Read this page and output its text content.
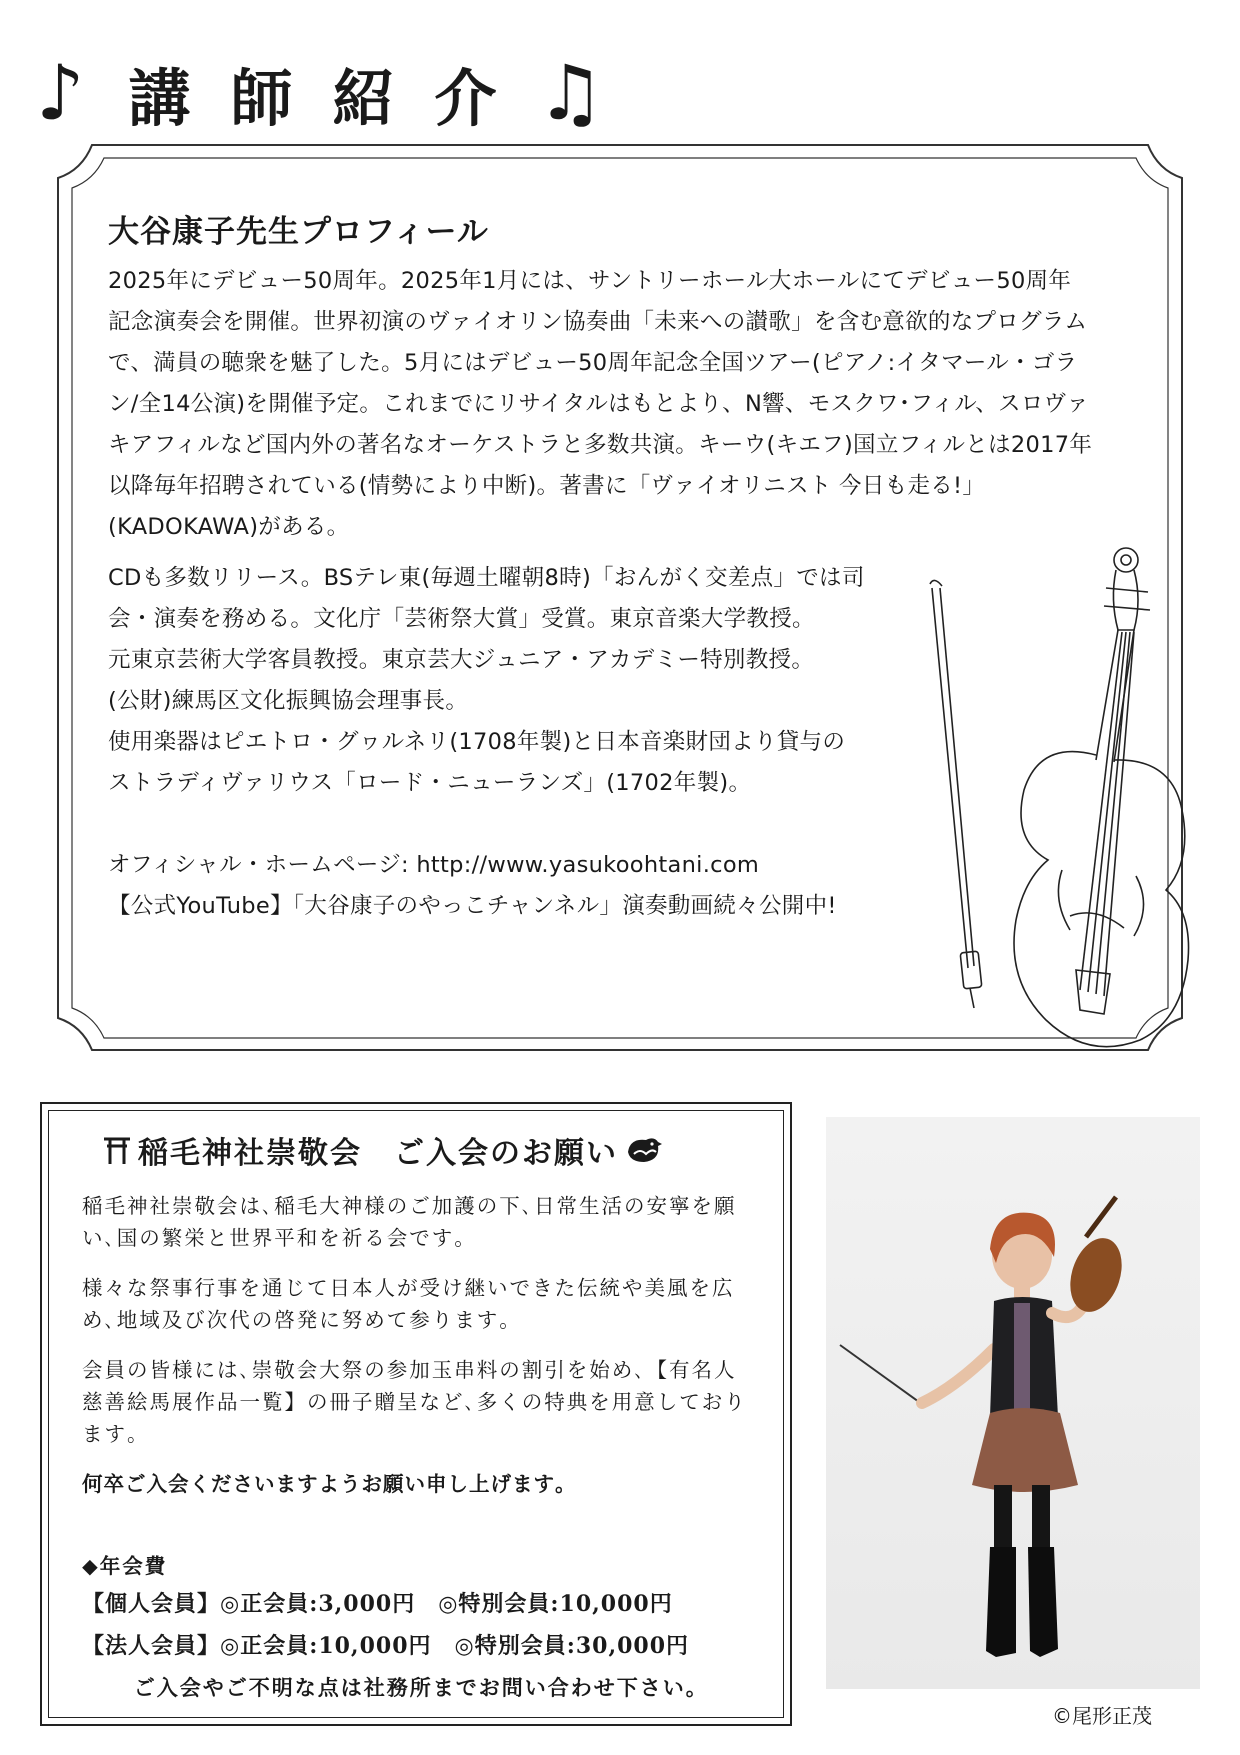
♪ 講師紹介 ♫
大谷康子先生プロフィール

2025年にデビュー50周年。2025年1月には、サントリーホール大ホールにてデビュー50周年記念演奏会を開催。世界初演のヴァイオリン協奏曲「未来への讃歌」を含む意欲的なプログラムで、満員の聴衆を魅了した。5月にはデビュー50周年記念全国ツアー(ピアノ:イタマール・ゴラン/全14公演)を開催予定。これまでにリサイタルはもとより、N響、モスクワ･フィル、スロヴァキアフィルなど国内外の著名なオーケストラと多数共演。キーウ(キエフ)国立フィルとは2017年以降毎年招聘されている(情勢により中断)。著書に「ヴァイオリニスト 今日も走る!」(KADOKAWA)がある。

CDも多数リリース。BSテレ東(毎週土曜朝8時)「おんがく交差点」では司
会・演奏を務める。文化庁「芸術祭大賞」受賞。東京音楽大学教授。
元東京芸術大学客員教授。東京芸大ジュニア・アカデミー特別教授。
(公財)練馬区文化振興協会理事長。
使用楽器はピエトロ・グヮルネリ(1708年製)と日本音楽財団より貸与の
ストラディヴァリウス「ロード・ニューランズ」(1702年製)。

オフィシャル・ホームページ: http://www.yasukoohtani.com

【公式YouTube】「大谷康子のやっこチャンネル」演奏動画続々公開中!

稲毛神社崇敬会　ご入会のお願い

稲毛神社崇敬会は､稲毛大神様のご加護の下､日常生活の安寧を願い､国の繁栄と世界平和を祈る会です｡

様々な祭事行事を通じて日本人が受け継いできた伝統や美風を広め､地域及び次代の啓発に努めて参ります｡

会員の皆様には､崇敬会大祭の参加玉串料の割引を始め､【有名人慈善絵馬展作品一覧】の冊子贈呈など､多くの特典を用意しております｡

何卒ご入会くださいますようお願い申し上げます｡

◆年会費

【個人会員】◎正会員:3,000円　◎特別会員:10,000円

【法人会員】◎正会員:10,000円　◎特別会員:30,000円

ご入会やご不明な点は社務所までお問い合わせ下さい｡
©尾形正茂
